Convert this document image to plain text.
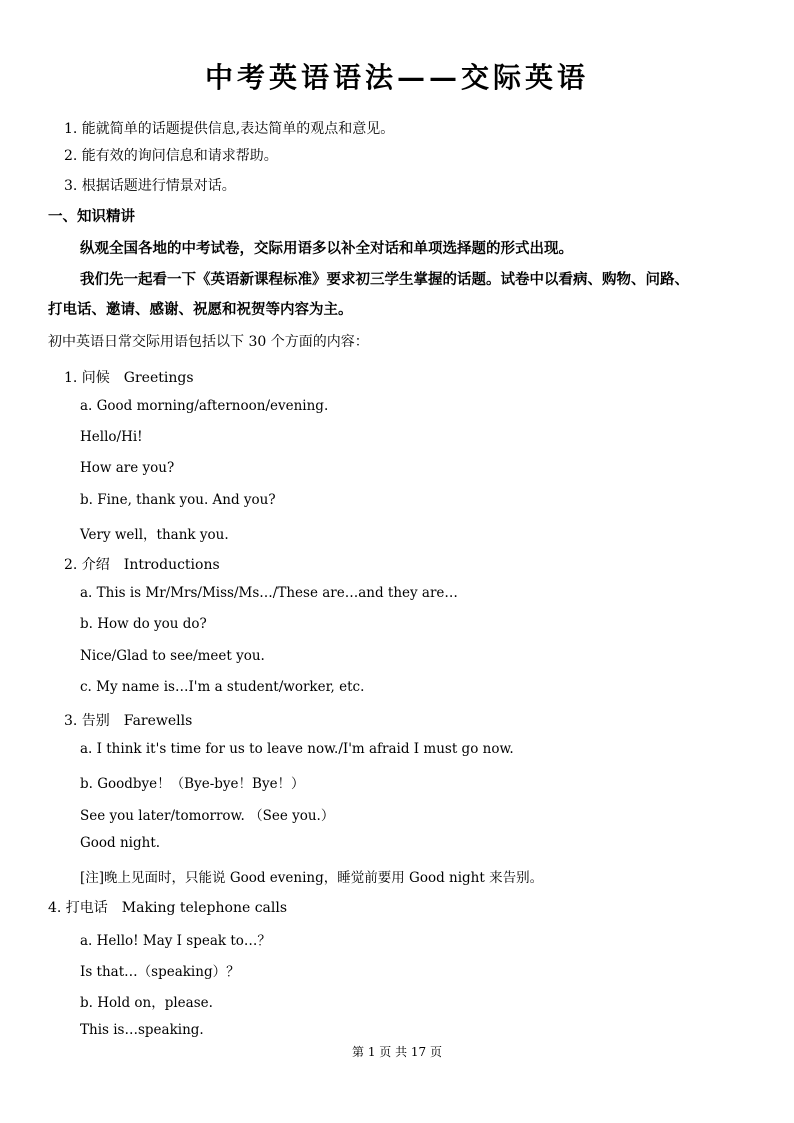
中考英语语法——交际英语
1. 能就简单的话题提供信息,表达简单的观点和意见。
2. 能有效的询问信息和请求帮助。
3. 根据话题进行情景对话。
一、知识精讲
纵观全国各地的中考试卷，交际用语多以补全对话和单项选择题的形式出现。
我们先一起看一下《英语新课程标准》要求初三学生掌握的话题。试卷中以看病、购物、问路、
打电话、邀请、感谢、祝愿和祝贺等内容为主。
初中英语日常交际用语包括以下 30 个方面的内容：
1. 问候　Greetings
a. Good morning/afternoon/evening.
Hello/Hi!
How are you?
b. Fine, thank you. And you?
Very well，thank you.
2. 介绍　Introductions
a. This is Mr/Mrs/Miss/Ms…/These are…and they are…
b. How do you do?
Nice/Glad to see/meet you.
c. My name is…I'm a student/worker, etc.
3. 告别　Farewells
a. I think it's time for us to leave now./I'm afraid I must go now.
b. Goodbye！（Bye-bye！Bye！）
See you later/tomorrow. （See you.）
Good night.
[注]晚上见面时，只能说 Good evening，睡觉前要用 Good night 来告别。
4. 打电话　Making telephone calls
a. Hello! May I speak to…？
Is that…（speaking）？
b. Hold on，please.
This is…speaking.
第 1 页 共 17 页
